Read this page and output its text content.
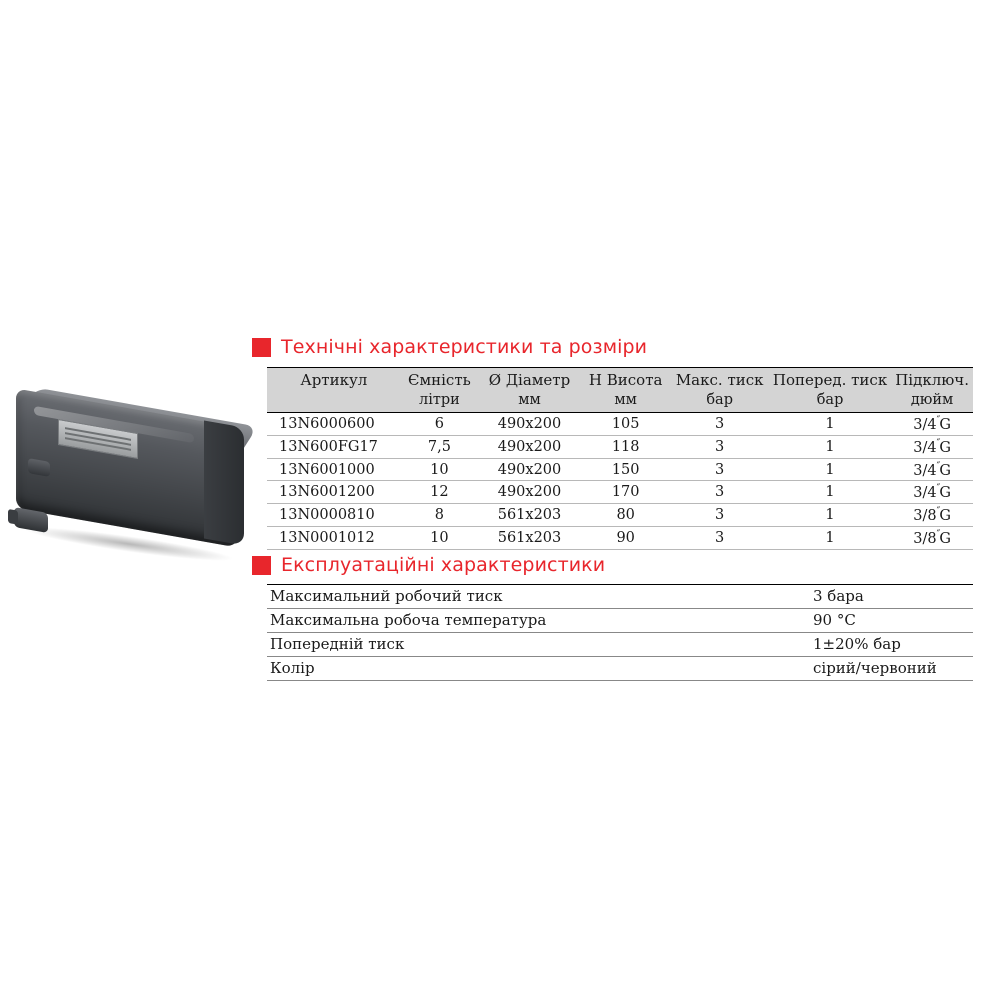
Технічні характеристики та розміри
Артикул	Ємність	Ø Діаметр	H Висота	Макс. тиск	Поперед. тиск	Підключ.
	літри	мм	мм	бар	бар	дюйм
13N6000600	6	490x200	105	3	1	3/4″G
13N600FG17	7,5	490x200	118	3	1	3/4″G
13N6001000	10	490x200	150	3	1	3/4″G
13N6001200	12	490x200	170	3	1	3/4″G
13N0000810	8	561x203	80	3	1	3/8″G
13N0001012	10	561x203	90	3	1	3/8″G
Експлуатаційні характеристики
Максимальний робочий тиск	3 бара
Максимальна робоча температура	90 °C
Попередній тиск	1±20% бар
Колір	сірий/червоний
